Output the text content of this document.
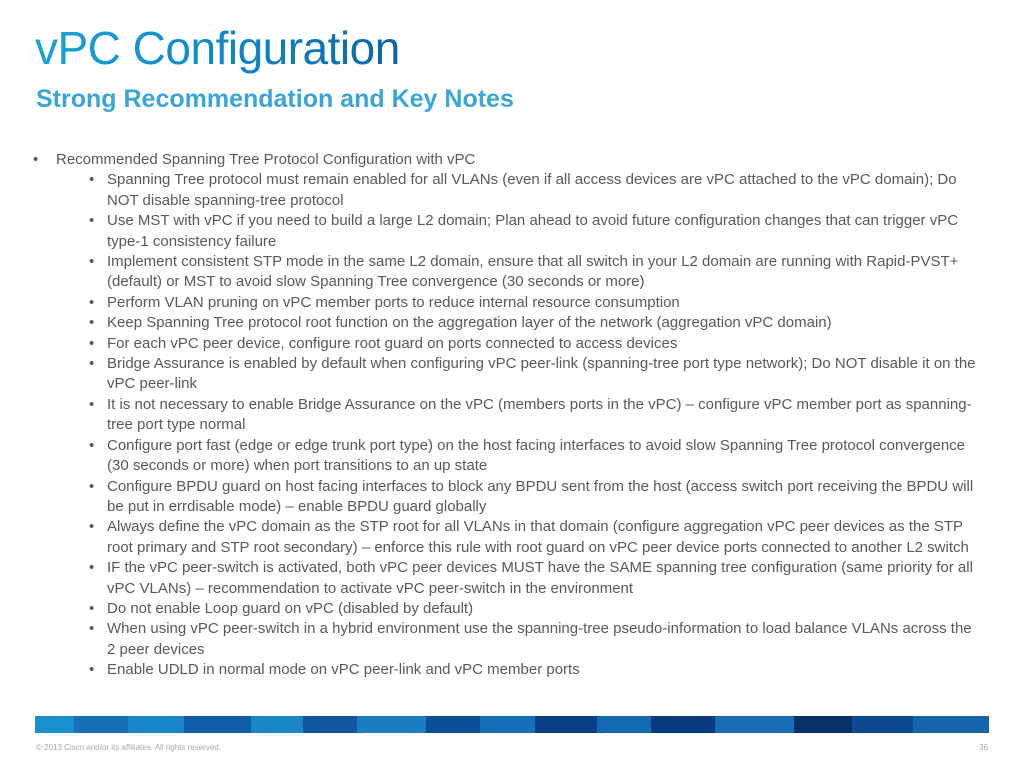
vPC Configuration
Strong Recommendation and Key Notes
• Recommended Spanning Tree Protocol Configuration with vPC
• Spanning Tree protocol must remain enabled for all VLANs (even if all access devices are vPC attached to the vPC domain); Do NOT disable spanning-tree protocol
• Use MST with vPC if you need to build a large L2 domain; Plan ahead to avoid future configuration changes that can trigger vPC type-1 consistency failure
• Implement consistent STP mode in the same L2 domain, ensure that all switch in your L2 domain are running with Rapid-PVST+ (default) or MST to avoid slow Spanning Tree convergence (30 seconds or more)
• Perform VLAN pruning on vPC member ports to reduce internal resource consumption
• Keep Spanning Tree protocol root function on the aggregation layer of the network (aggregation vPC domain)
• For each vPC peer device, configure root guard on ports connected to access devices
• Bridge Assurance is enabled by default when configuring vPC peer-link (spanning-tree port type network); Do NOT disable it on the vPC peer-link
• It is not necessary to enable Bridge Assurance on the vPC (members ports in the vPC) – configure vPC member port as spanning-tree port type normal
• Configure port fast (edge or edge trunk port type) on the host facing interfaces to avoid slow Spanning Tree protocol convergence (30 seconds or more) when port transitions to an up state
• Configure BPDU guard on host facing interfaces to block any BPDU sent from the host (access switch port receiving the BPDU will be put in errdisable mode) – enable BPDU guard globally
• Always define the vPC domain as the STP root for all VLANs in that domain (configure aggregation vPC peer devices as the STP root primary and STP root secondary) – enforce this rule with root guard on vPC peer device ports connected to another L2 switch
• IF the vPC peer-switch is activated, both vPC peer devices MUST have the SAME spanning tree configuration (same priority for all vPC VLANs) – recommendation to activate vPC peer-switch in the environment
• Do not enable Loop guard on vPC (disabled by default)
• When using vPC peer-switch in a hybrid environment use the spanning-tree pseudo-information to load balance VLANs across the 2 peer devices
• Enable UDLD in normal mode on vPC peer-link and vPC member ports
© 2013 Cisco and/or its affiliates. All rights reserved.	36
